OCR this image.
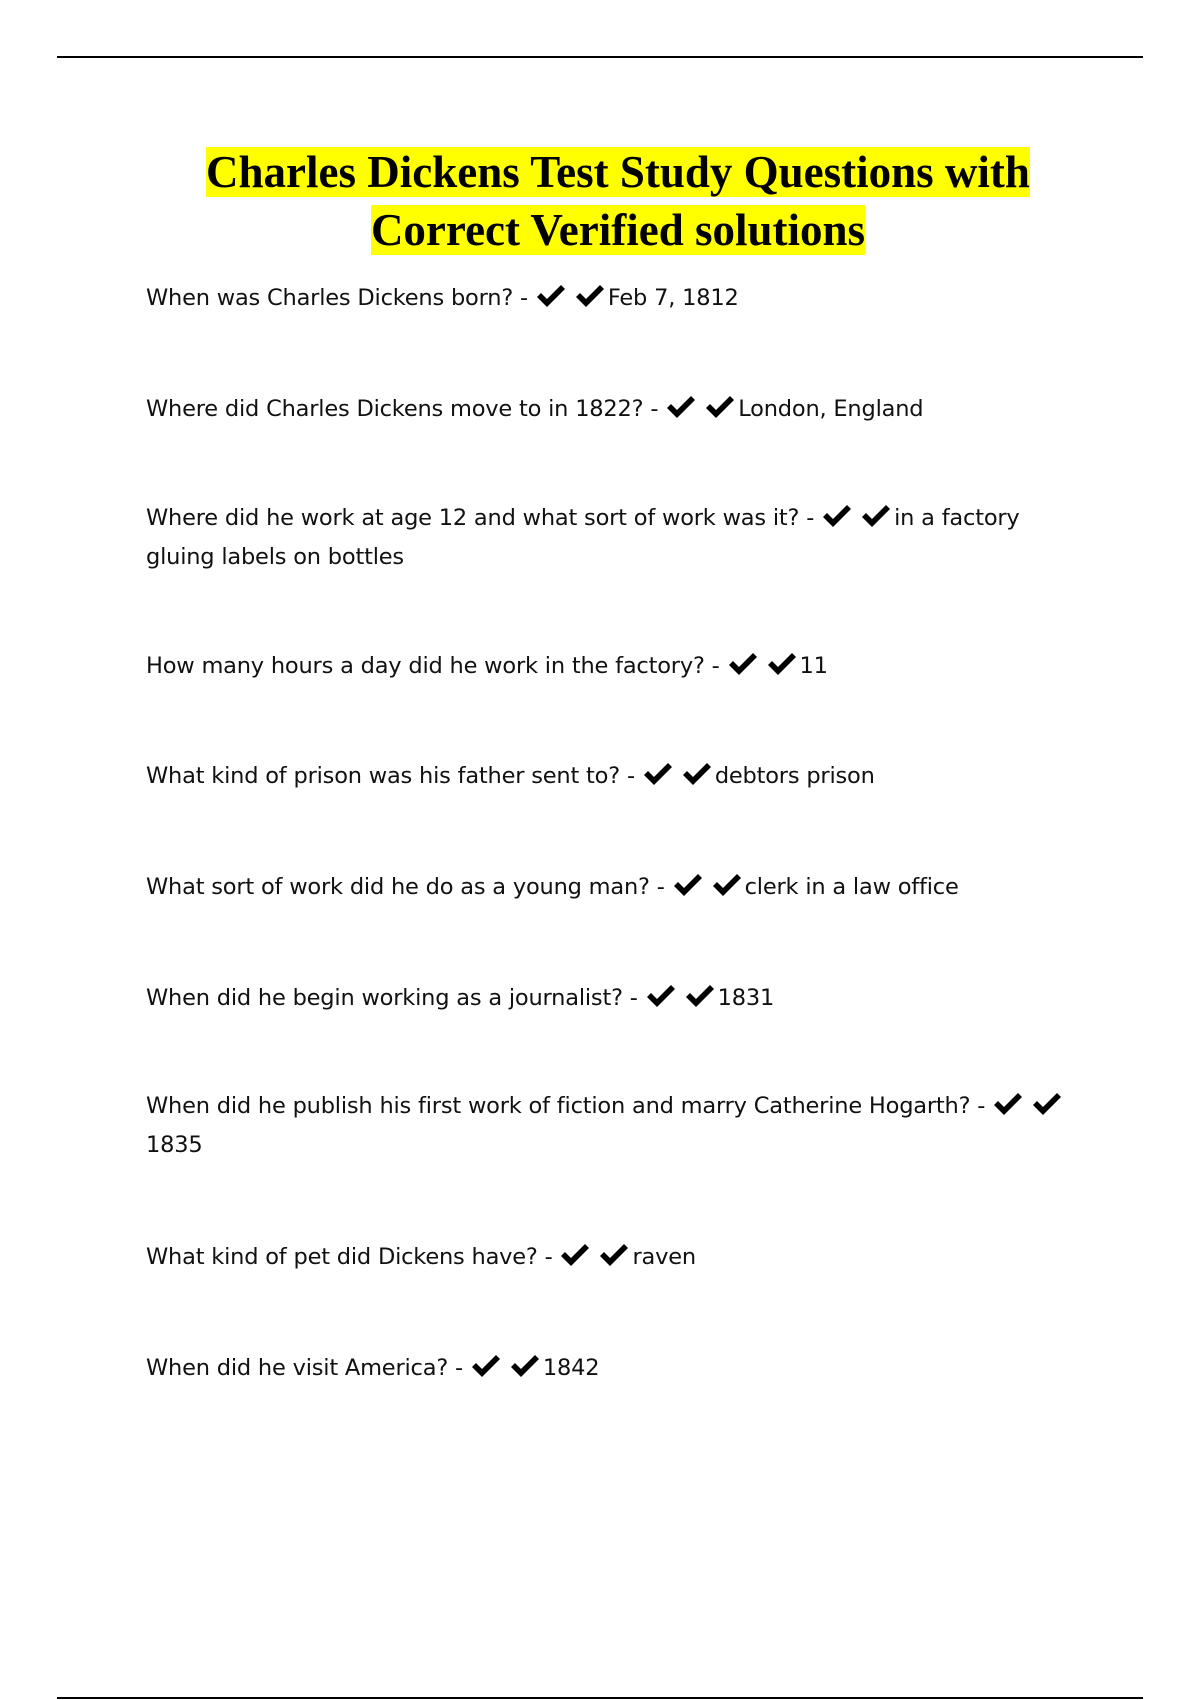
Charles Dickens Test Study Questions with
Correct Verified solutions
When was Charles Dickens born? -	Feb 7, 1812
Where did Charles Dickens move to in 1822? -	London, England
Where did he work at age 12 and what sort of work was it? -	in a factory gluing labels on bottles
How many hours a day did he work in the factory? -	11
What kind of prison was his father sent to? -	debtors prison
What sort of work did he do as a young man? -	clerk in a law office
When did he begin working as a journalist? -	1831
When did he publish his first work of fiction and marry Catherine Hogarth? -
1835
What kind of pet did Dickens have? -	raven
When did he visit America? -	1842
